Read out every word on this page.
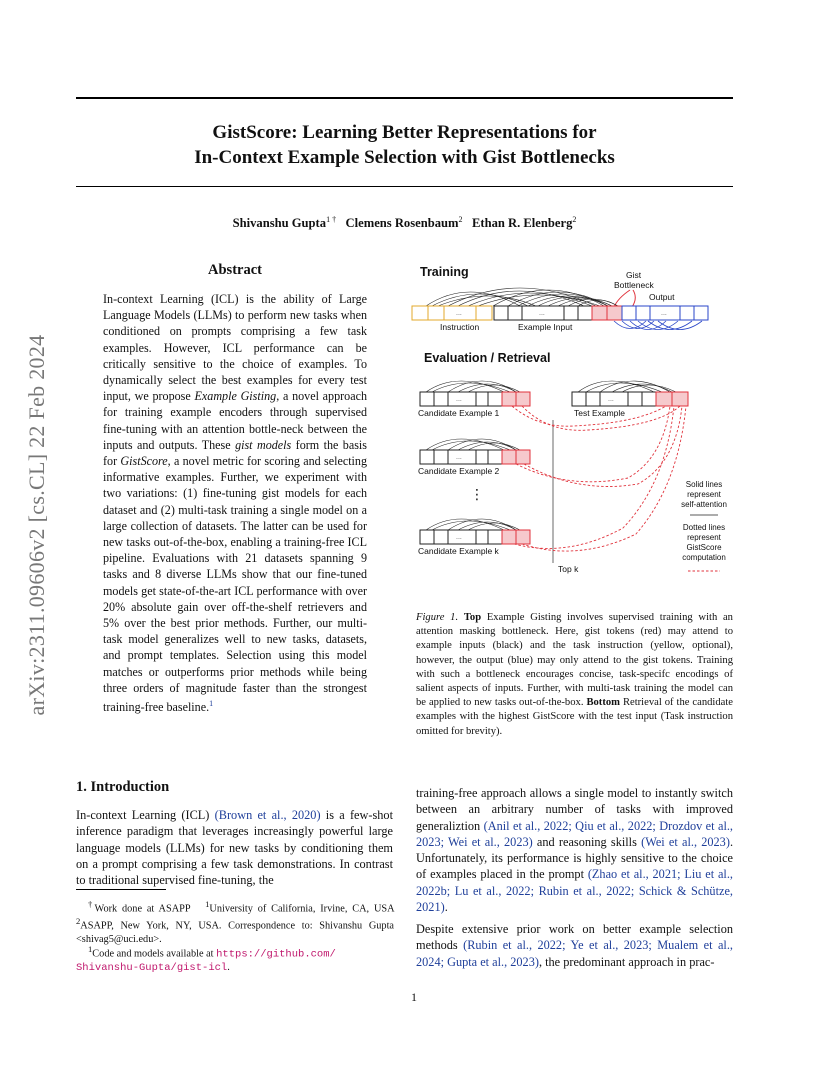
arXiv:2311.09606v2 [cs.CL] 22 Feb 2024
GistScore: Learning Better Representations for
In-Context Example Selection with Gist Bottlenecks
Shivanshu Gupta$^{1 \dagger}$ Clemens Rosenbaum$^2$ Ethan R. Elenberg$^2$
Abstract
In-context Learning (ICL) is the ability of Large Language Models (LLMs) to perform new tasks when conditioned on prompts comprising a few task examples. However, ICL performance can be critically sensitive to the choice of examples. To dynamically select the best examples for every test input, we propose Example Gisting, a novel approach for training example encoders through supervised fine-tuning with an attention bottle-neck between the inputs and outputs. These gist models form the basis for GistScore, a novel metric for scoring and selecting informative examples. Further, we experiment with two variations: (1) fine-tuning gist models for each dataset and (2) multi-task training a single model on a large collection of datasets. The latter can be used for new tasks out-of-the-box, enabling a training-free ICL pipeline. Evaluations with 21 datasets spanning 9 tasks and 8 diverse LLMs show that our fine-tuned models get state-of-the-art ICL performance with over 20% absolute gain over off-the-shelf retrievers and 5% over the best prior methods. Further, our multi-task model generalizes well to new tasks, datasets, and prompt templates. Selection using this model matches or outperforms prior methods while being three orders of magnitude faster than the strongest training-free baseline.$^1$
Training	Gist
Bottleneck
Output
...	...	...
Instruction	Example Input
Evaluation / Retrieval
Top k
...
Candidate Example 1
...
Test Example
...
Candidate Example 2
⋮
...
Candidate Example k
Solid lines
represent
self-attention
Dotted lines
represent
GistScore
computation
Figure 1. Top Example Gisting involves supervised training with an attention masking bottleneck. Here, gist tokens (red) may attend to example inputs (black) and the task instruction (yellow, optional), however, the output (blue) may only attend to the gist tokens. Training with such a bottleneck encourages concise, task-specifc encodings of salient aspects of inputs. Further, with multi-task training the model can be applied to new tasks out-of-the-box. Bottom Retrieval of the candidate examples with the highest GistScore with the test input (Task instruction omitted for brevity).
1. Introduction
In-context Learning (ICL) (Brown et al., 2020) is a few-shot inference paradigm that leverages increasingly powerful large language models (LLMs) for new tasks by conditioning them on a prompt comprising a few task demonstrations. In contrast to traditional supervised fine-tuning, the
†Work done at ASAPP $^1$University of California, Irvine, CA, USA $^2$ASAPP, New York, NY, USA. Correspondence to: Shivanshu Gupta <shivag5@uci.edu>.
$^1$Code and models available at https://github.com/
Shivanshu-Gupta/gist-icl.
training-free approach allows a single model to instantly switch between an arbitrary number of tasks with improved generaliztion (Anil et al., 2022; Qiu et al., 2022; Drozdov et al., 2023; Wei et al., 2023) and reasoning skills (Wei et al., 2023). Unfortunately, its performance is highly sensitive to the choice of examples placed in the prompt (Zhao et al., 2021; Liu et al., 2022b; Lu et al., 2022; Rubin et al., 2022; Schick & Schütze, 2021).
Despite extensive prior work on better example selection methods (Rubin et al., 2022; Ye et al., 2023; Mualem et al., 2024; Gupta et al., 2023), the predominant approach in prac-
1
